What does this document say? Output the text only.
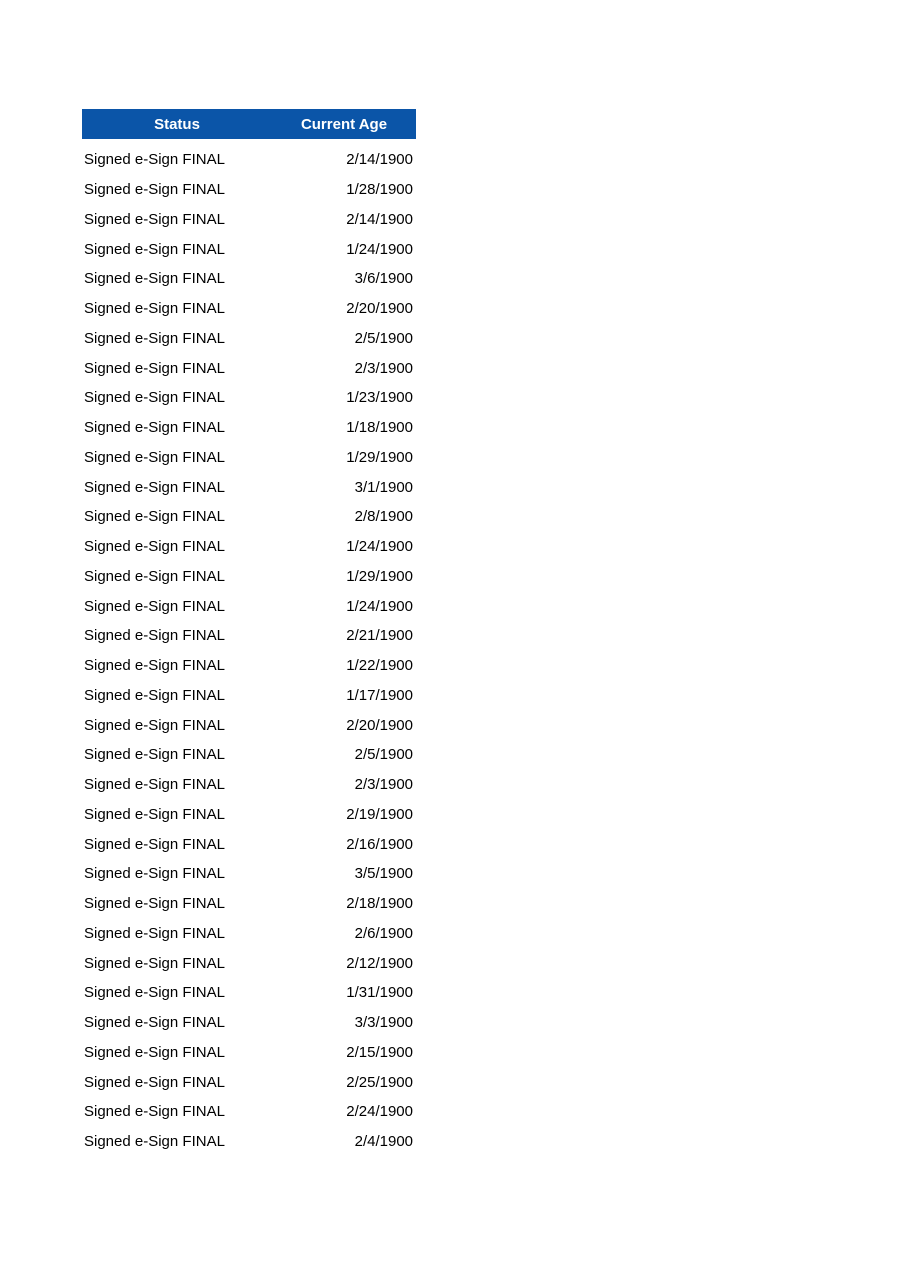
Status	Current Age
Signed e-Sign FINAL	2/14/1900
Signed e-Sign FINAL	1/28/1900
Signed e-Sign FINAL	2/14/1900
Signed e-Sign FINAL	1/24/1900
Signed e-Sign FINAL	3/6/1900
Signed e-Sign FINAL	2/20/1900
Signed e-Sign FINAL	2/5/1900
Signed e-Sign FINAL	2/3/1900
Signed e-Sign FINAL	1/23/1900
Signed e-Sign FINAL	1/18/1900
Signed e-Sign FINAL	1/29/1900
Signed e-Sign FINAL	3/1/1900
Signed e-Sign FINAL	2/8/1900
Signed e-Sign FINAL	1/24/1900
Signed e-Sign FINAL	1/29/1900
Signed e-Sign FINAL	1/24/1900
Signed e-Sign FINAL	2/21/1900
Signed e-Sign FINAL	1/22/1900
Signed e-Sign FINAL	1/17/1900
Signed e-Sign FINAL	2/20/1900
Signed e-Sign FINAL	2/5/1900
Signed e-Sign FINAL	2/3/1900
Signed e-Sign FINAL	2/19/1900
Signed e-Sign FINAL	2/16/1900
Signed e-Sign FINAL	3/5/1900
Signed e-Sign FINAL	2/18/1900
Signed e-Sign FINAL	2/6/1900
Signed e-Sign FINAL	2/12/1900
Signed e-Sign FINAL	1/31/1900
Signed e-Sign FINAL	3/3/1900
Signed e-Sign FINAL	2/15/1900
Signed e-Sign FINAL	2/25/1900
Signed e-Sign FINAL	2/24/1900
Signed e-Sign FINAL	2/4/1900
